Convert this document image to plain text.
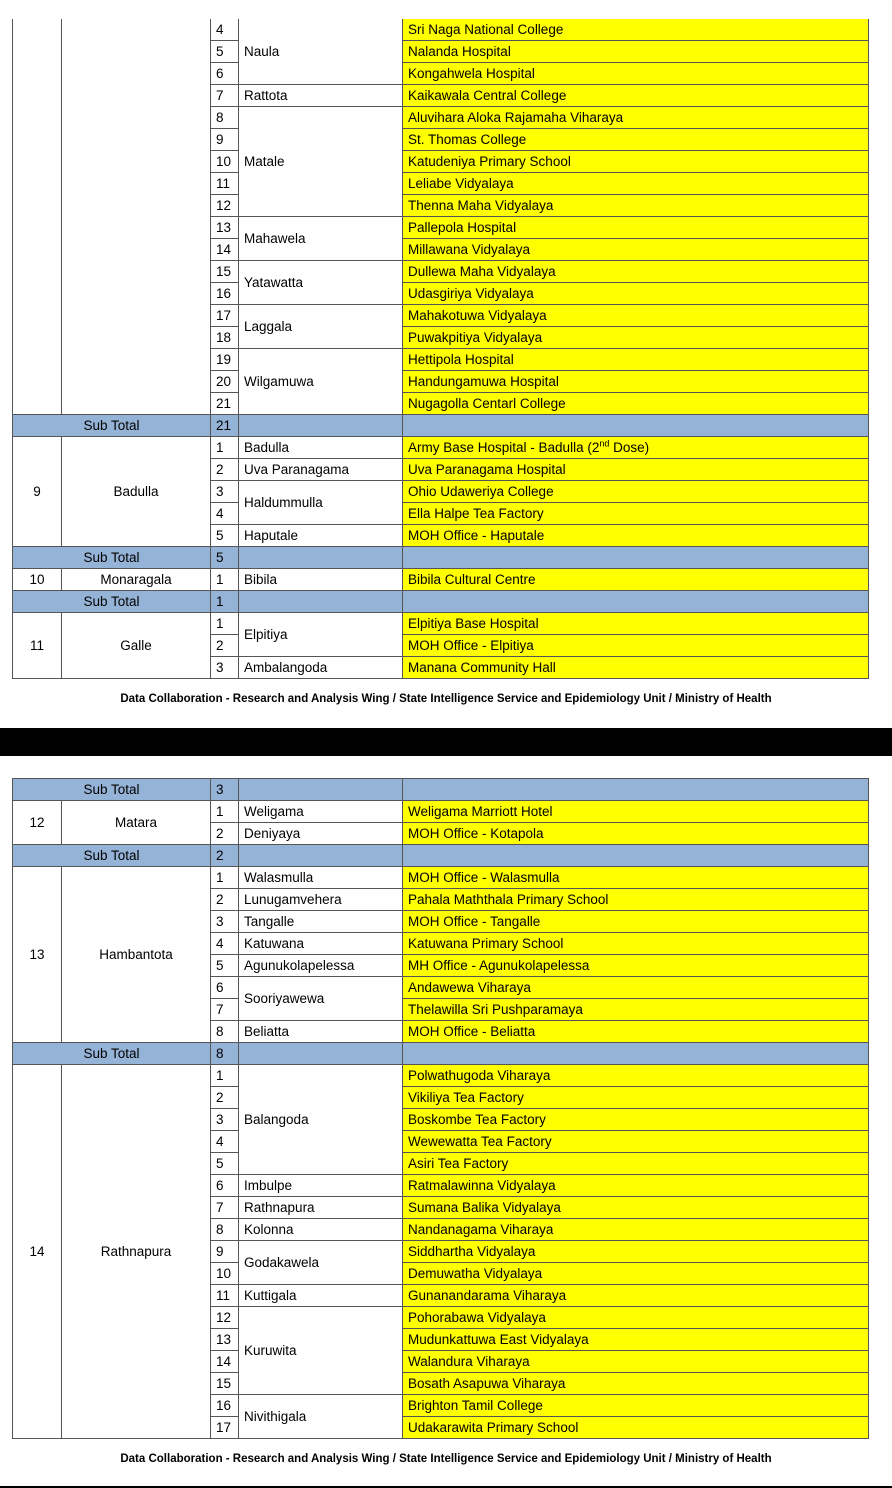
		4	Naula	Sri Naga National College
		5		Nalanda Hospital
		6		Kongahwela Hospital
		7	Rattota	Kaikawala Central College
		8	Matale	Aluvihara Aloka Rajamaha Viharaya
		9		St. Thomas College
		10		Katudeniya Primary School
		11		Leliabe Vidyalaya
		12		Thenna Maha Vidyalaya
		13	Mahawela	Pallepola Hospital
		14		Millawana Vidyalaya
		15	Yatawatta	Dullewa Maha Vidyalaya
		16		Udasgiriya Vidyalaya
		17	Laggala	Mahakotuwa Vidyalaya
		18		Puwakpitiya Vidyalaya
		19	Wilgamuwa	Hettipola Hospital
		20		Handungamuwa Hospital
		21		Nugagolla Centarl College
Sub Total		21		
9	Badulla	1	Badulla	Army Base Hospital - Badulla (2nd Dose)
		2	Uva Paranagama	Uva Paranagama Hospital
		3	Haldummulla	Ohio Udaweriya College
		4		Ella Halpe Tea Factory
		5	Haputale	MOH Office - Haputale
Sub Total		5		
10	Monaragala	1	Bibila	Bibila Cultural Centre
Sub Total		1		
11	Galle	1	Elpitiya	Elpitiya Base Hospital
		2		MOH Office - Elpitiya
		3	Ambalangoda	Manana Community Hall
Data Collaboration - Research and Analysis Wing / State Intelligence Service and Epidemiology Unit / Ministry of Health
Sub Total		3		
12	Matara	1	Weligama	Weligama Marriott Hotel
		2	Deniyaya	MOH Office - Kotapola
Sub Total		2		
13	Hambantota	1	Walasmulla	MOH Office - Walasmulla
		2	Lunugamvehera	Pahala Maththala Primary School
		3	Tangalle	MOH Office - Tangalle
		4	Katuwana	Katuwana Primary School
		5	Agunukolapelessa	MH Office - Agunukolapelessa
		6	Sooriyawewa	Andawewa Viharaya
		7		Thelawilla Sri Pushparamaya
		8	Beliatta	MOH Office - Beliatta
Sub Total		8		
14	Rathnapura	1	Balangoda	Polwathugoda Viharaya
		2		Vikiliya Tea Factory
		3		Boskombe Tea Factory
		4		Wewewatta Tea Factory
		5		Asiri Tea Factory
		6	Imbulpe	Ratmalawinna Vidyalaya
		7	Rathnapura	Sumana Balika Vidyalaya
		8	Kolonna	Nandanagama Viharaya
		9	Godakawela	Siddhartha Vidyalaya
		10		Demuwatha Vidyalaya
		11	Kuttigala	Gunanandarama Viharaya
		12	Kuruwita	Pohorabawa Vidyalaya
		13		Mudunkattuwa East Vidyalaya
		14		Walandura Viharaya
		15		Bosath Asapuwa Viharaya
		16	Nivithigala	Brighton Tamil College
		17		Udakarawita Primary School
Data Collaboration - Research and Analysis Wing / State Intelligence Service and Epidemiology Unit / Ministry of Health
